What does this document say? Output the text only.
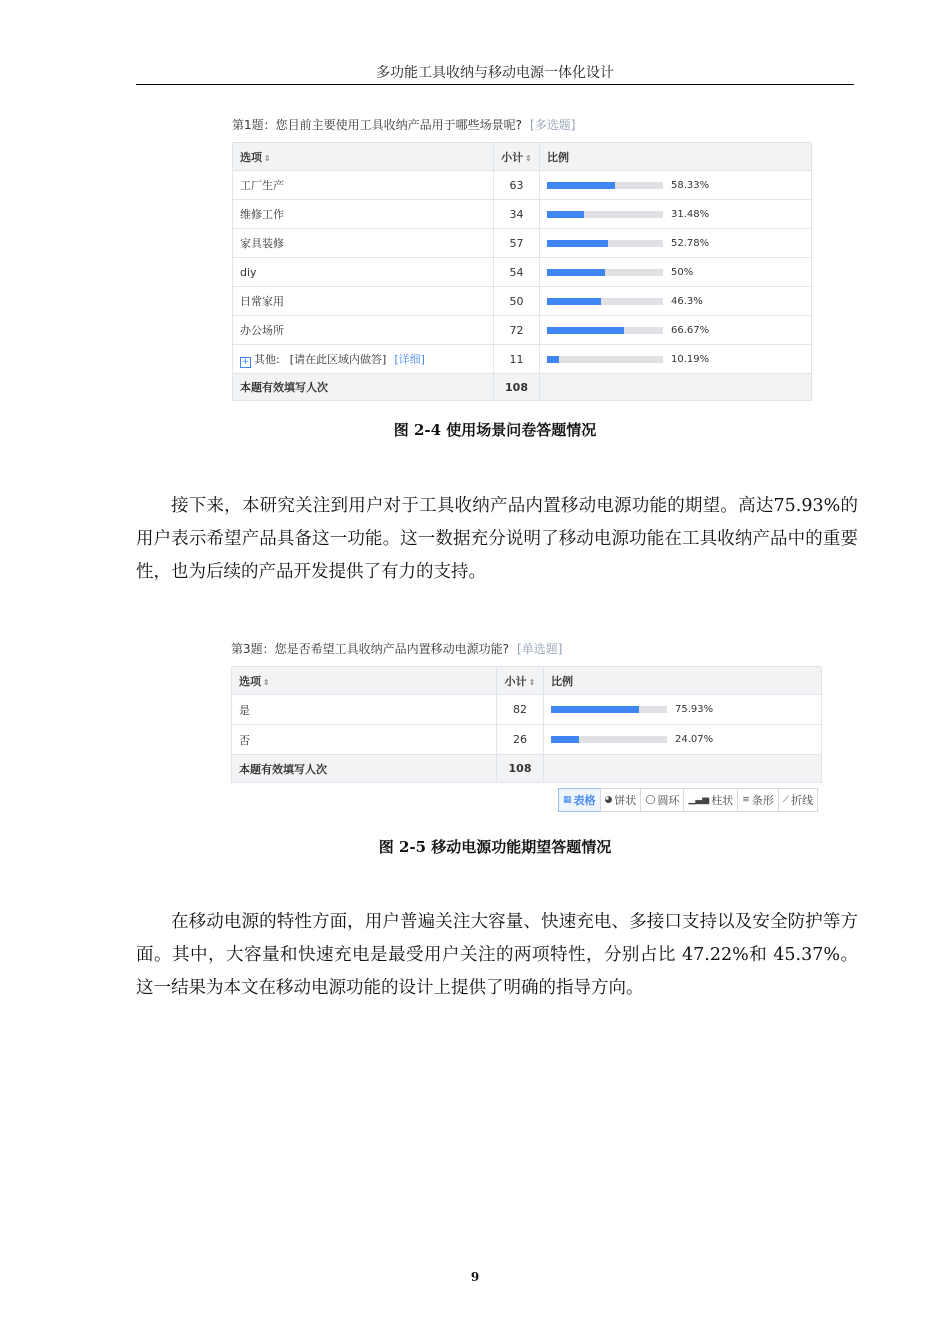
多功能工具收纳与移动电源一体化设计
第1题：您目前主要使用工具收纳产品用于哪些场景呢? [多选题]
选项 ⇕	小计 ⇕	比例
工厂生产	63	58.33%

维修工作	34	31.48%

家具装修	57	52.78%

diy	54	50%

日常家用	50	46.3%

办公场所	72	66.67%

+ 其他: [请在此区域内做答] [详细]	11	10.19%

本题有效填写人次	108	
图 2-4 使用场景问卷答题情况

接下来，本研究关注到用户对于工具收纳产品内置移动电源功能的期望。高达75.93%的用户表示希望产品具备这一功能。这一数据充分说明了移动电源功能在工具收纳产品中的重要性，也为后续的产品开发提供了有力的支持。

第3题：您是否希望工具收纳产品内置移动电源功能? [单选题]
选项 ⇕	小计 ⇕	比例
是	82	75.93%

否	26	24.07%

本题有效填写人次	108	
▦ 表格 ◕ 饼状 ◯ 圆环 ▁▃▅ 柱状 ≡ 条形 ⟋ 折线
图 2-5 移动电源功能期望答题情况

在移动电源的特性方面，用户普遍关注大容量、快速充电、多接口支持以及安全防护等方面。其中，大容量和快速充电是最受用户关注的两项特性，分别占比 47.22%和 45.37%。这一结果为本文在移动电源功能的设计上提供了明确的指导方向。

9
